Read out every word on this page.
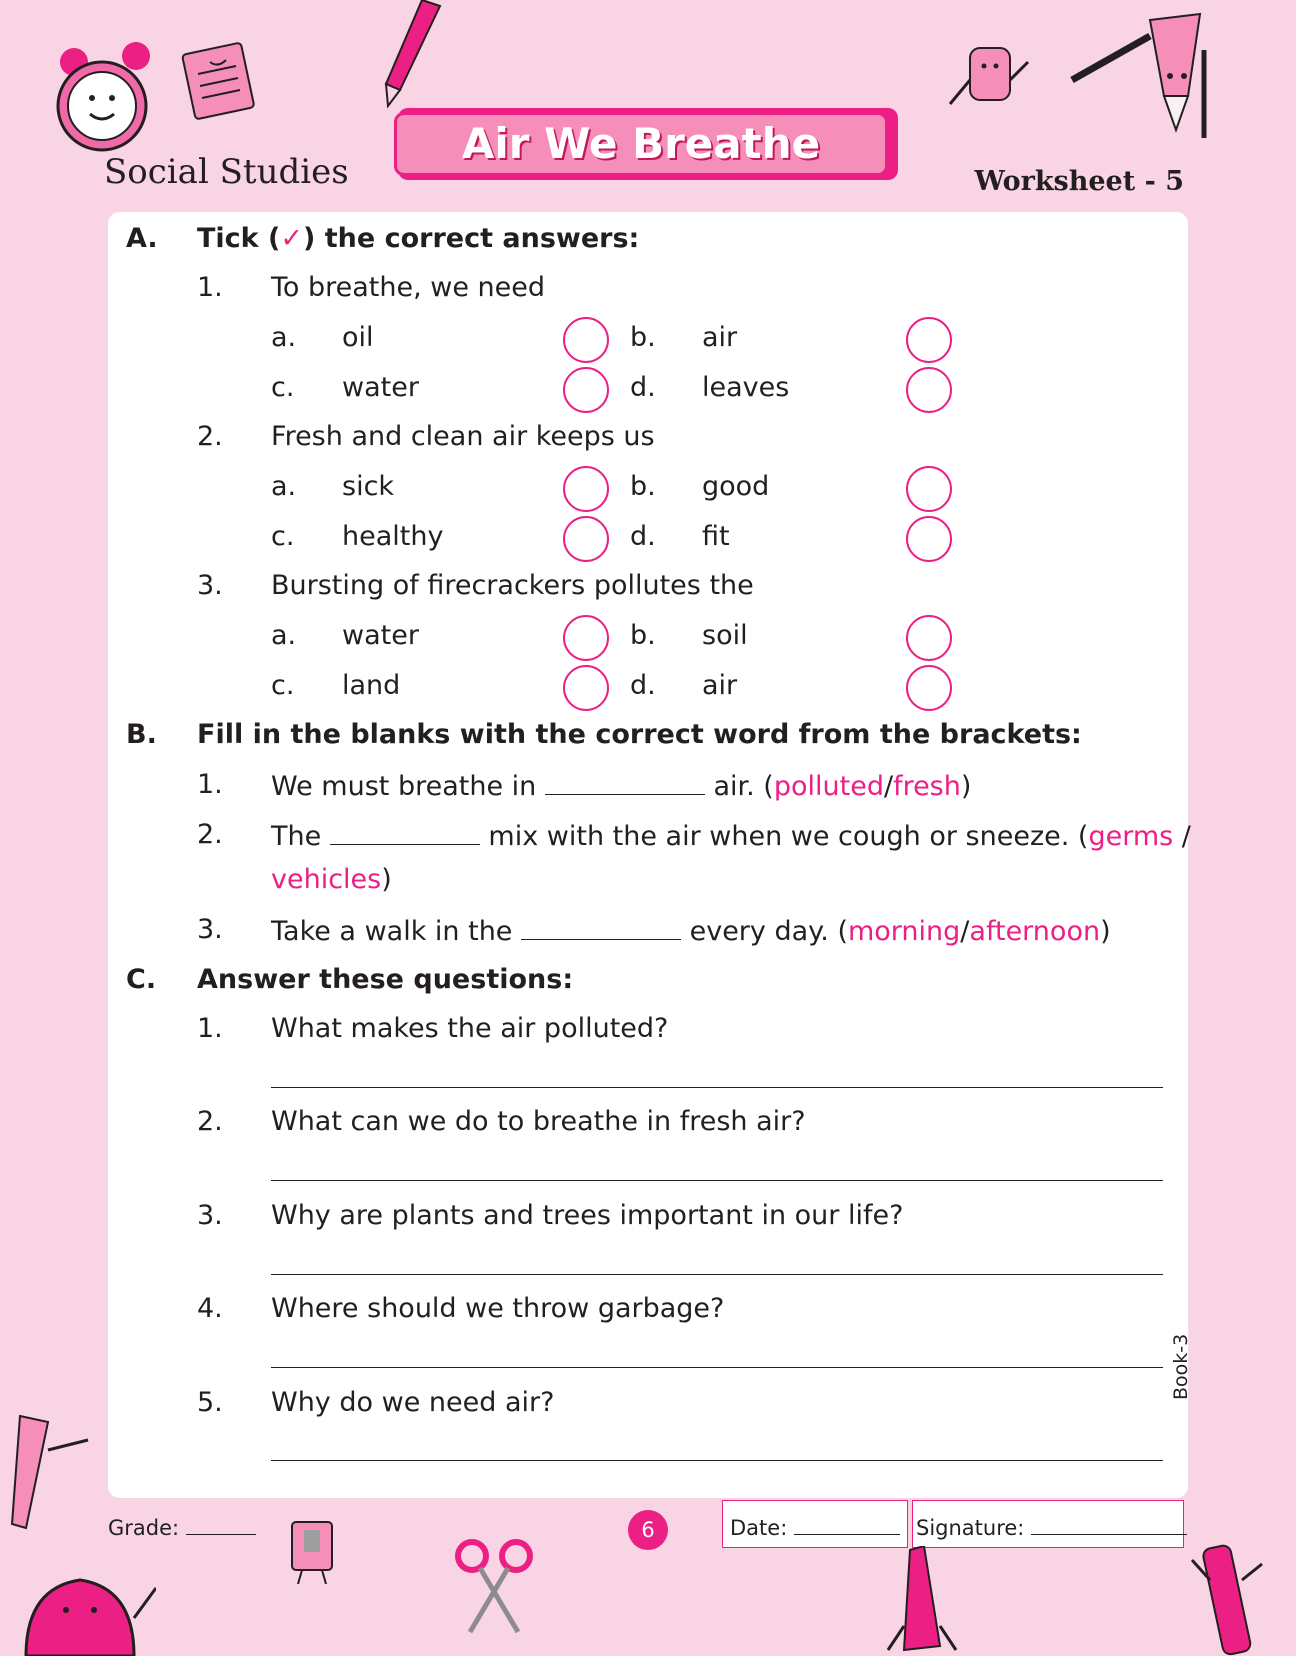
Social Studies
Air We Breathe
Worksheet - 5
A. Tick (✓) the correct answers:
1. To breathe, we need
a. oil	b. air
c. water	d. leaves
2. Fresh and clean air keeps us
a. sick	b. good
c. healthy	d. fit
3. Bursting of firecrackers pollutes the
a. water	b. soil
c. land	d. air
B. Fill in the blanks with the correct word from the brackets:
1. We must breathe in	air. (polluted/fresh)
2. The	mix with the air when we cough or sneeze. (germs /
vehicles)
3. Take a walk in the	every day. (morning/afternoon)
C. Answer these questions:
1. What makes the air polluted?
2. What can we do to breathe in fresh air?
3. Why are plants and trees important in our life?
4. Where should we throw garbage?
5. Why do we need air?
Book-3
Grade:	6	Date:	Signature:
